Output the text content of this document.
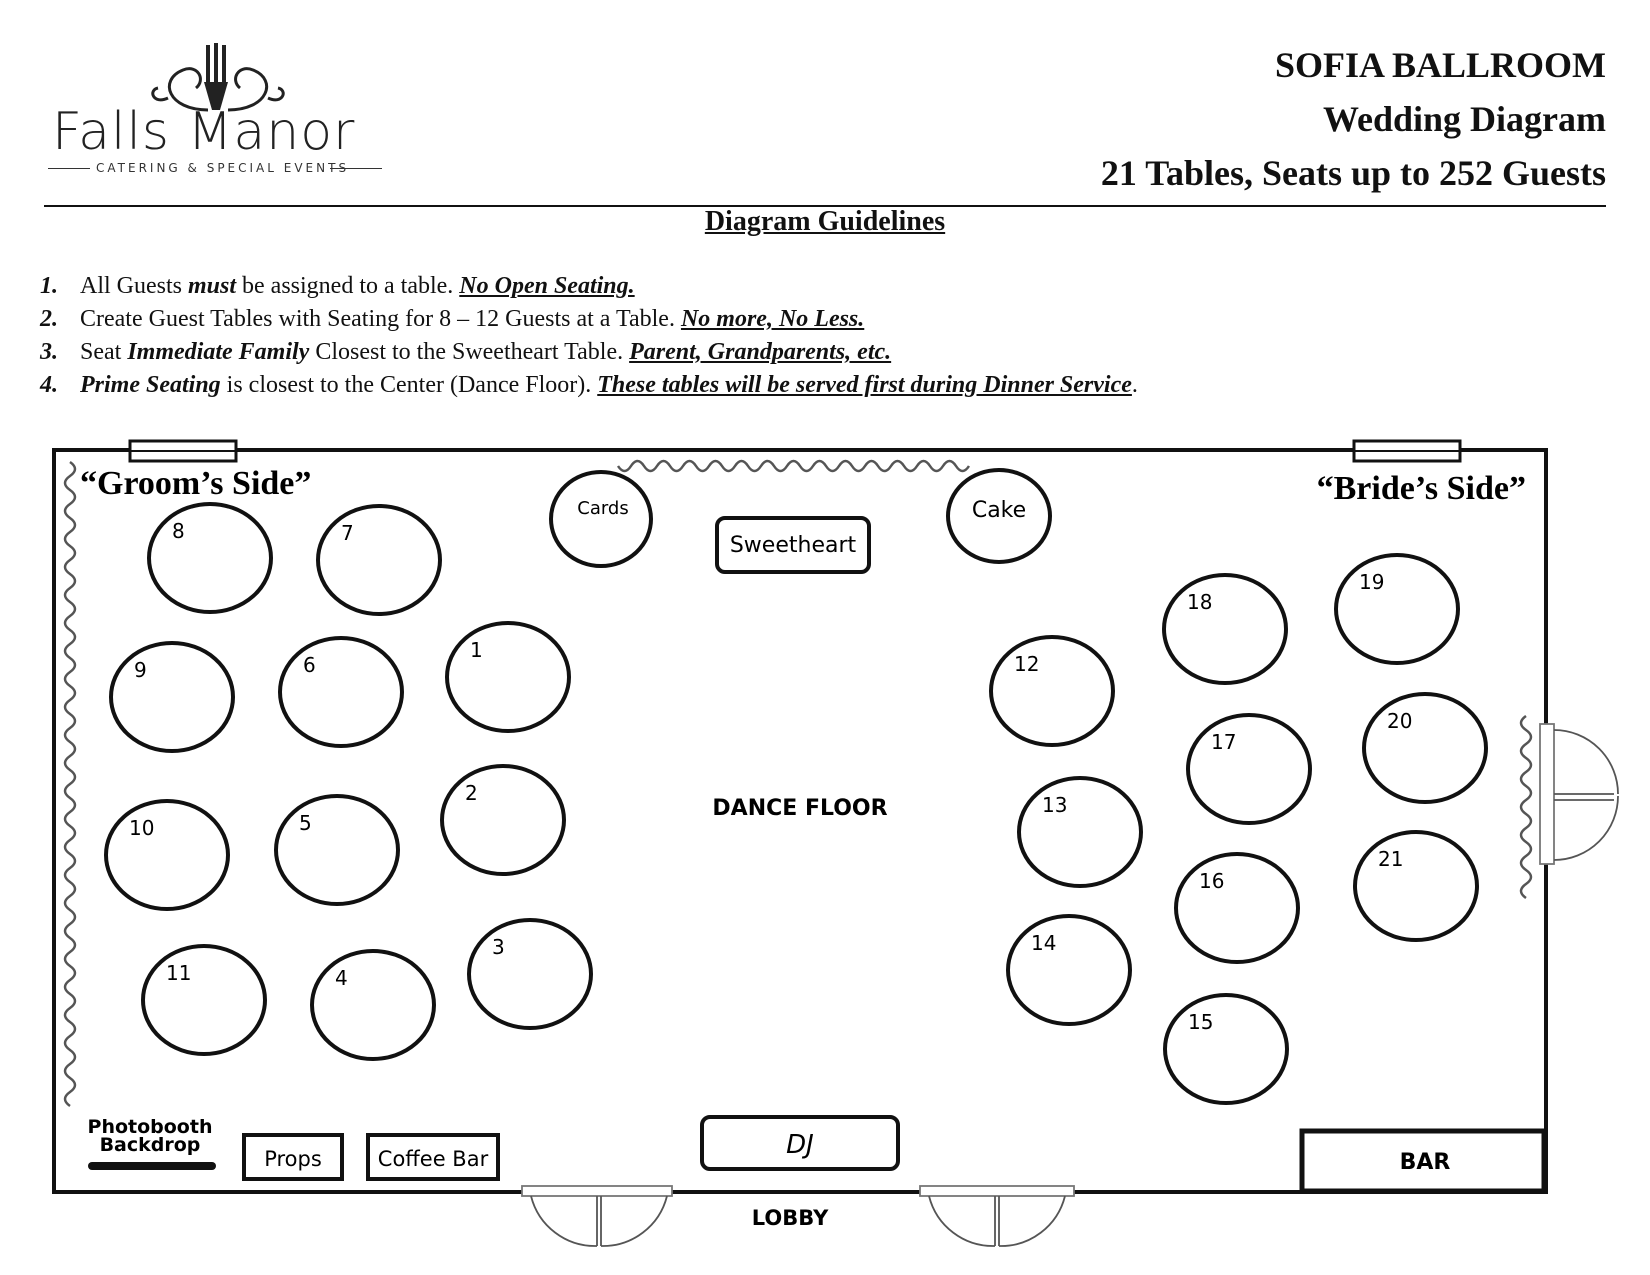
Falls Manor
CATERING & SPECIAL EVENTS
SOFIA BALLROOM
Wedding Diagram
21 Tables, Seats up to 252 Guests
Diagram Guidelines
1. All Guests must be assigned to a table. No Open Seating.
2. Create Guest Tables with Seating for 8 – 12 Guests at a Table. No more, No Less.
3. Seat Immediate Family Closest to the Sweetheart Table. Parent, Grandparents, etc.
4. Prime Seating is closest to the Center (Dance Floor). These tables will be served first during Dinner Service.
“Groom’s Side”	“Bride’s Side”
Cards	Cake
Sweetheart
DANCE FLOOR
1
2
3
4
5
6
7
8
9
10
11
12
13
14
15
16
17
18
19
20
21
DJ
BAR
LOBBY
Props	Coffee Bar
Photobooth
Backdrop
